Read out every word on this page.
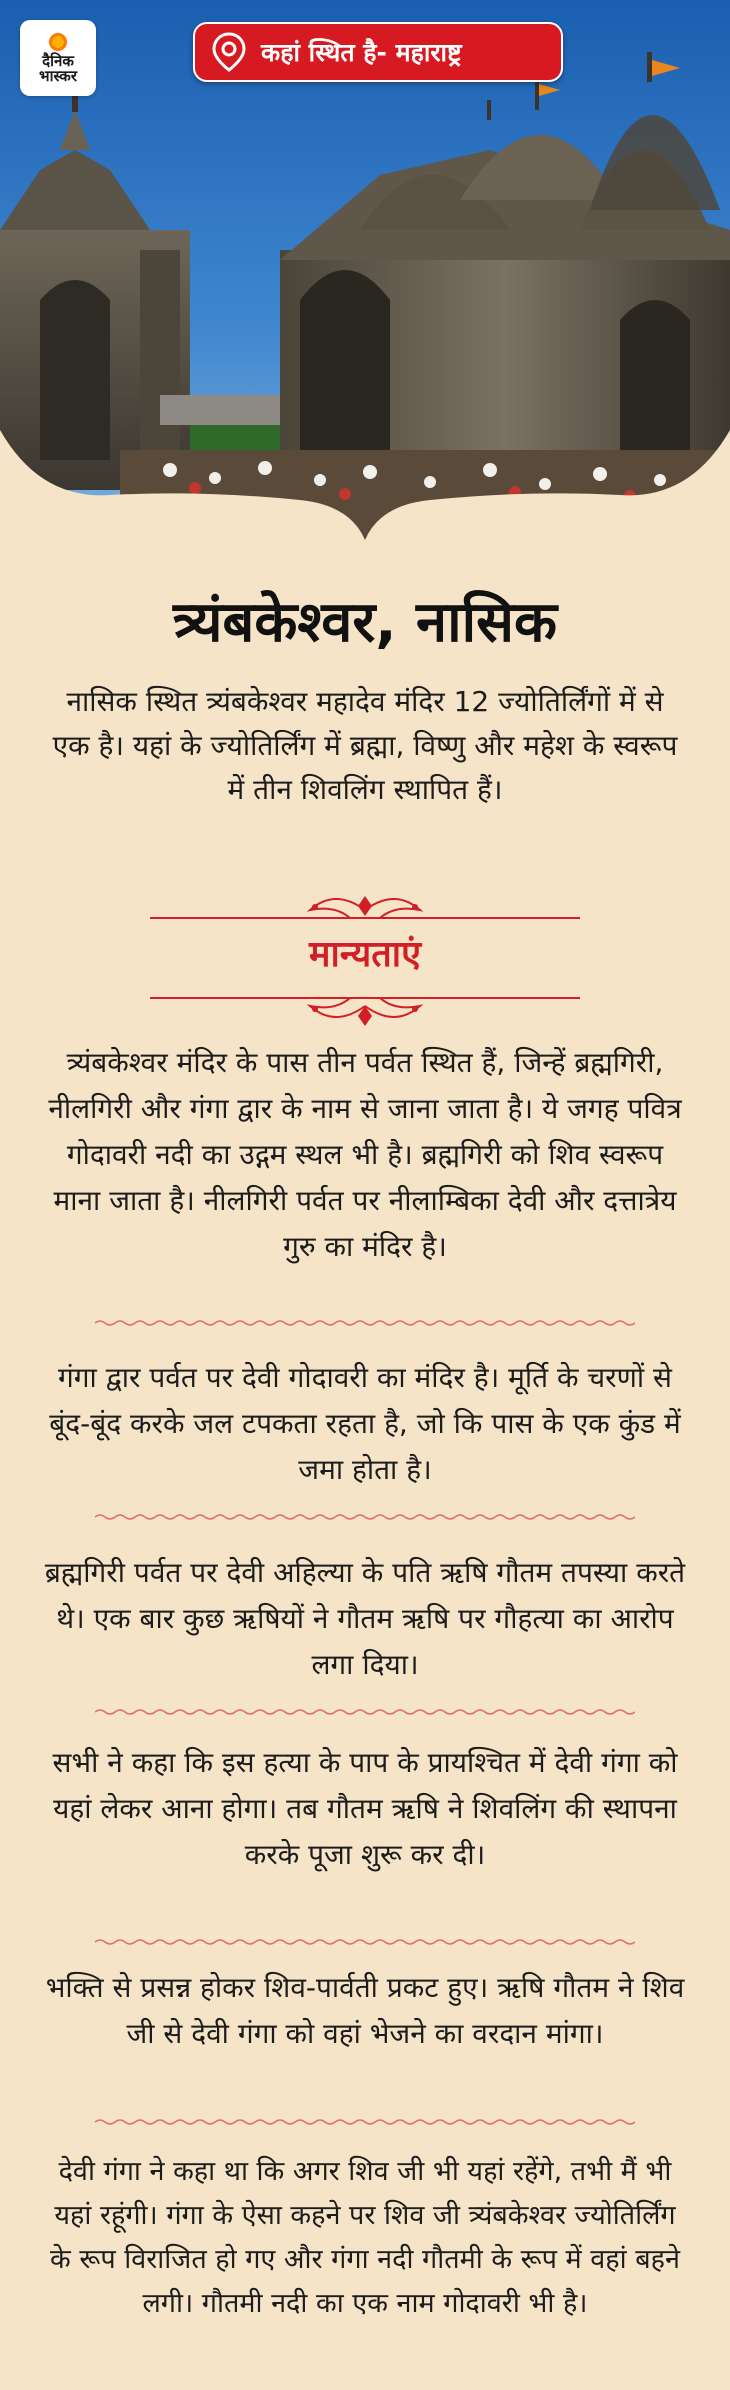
दैनिक
भास्कर
कहां स्थित है- महाराष्ट्र
त्र्यंबकेश्वर, नासिक

नासिक स्थित त्र्यंबकेश्वर महादेव मंदिर 12 ज्योतिर्लिंगों में से एक है। यहां के ज्योतिर्लिंग में ब्रह्मा, विष्णु और महेश के स्वरूप में तीन शिवलिंग स्थापित हैं।

मान्यताएं

त्र्यंबकेश्वर मंदिर के पास तीन पर्वत स्थित हैं, जिन्हें ब्रह्मगिरी, नीलगिरी और गंगा द्वार के नाम से जाना जाता है। ये जगह पवित्र गोदावरी नदी का उद्गम स्थल भी है। ब्रह्मगिरी को शिव स्वरूप माना जाता है। नीलगिरी पर्वत पर नीलाम्बिका देवी और दत्तात्रेय गुरु का मंदिर है।

गंगा द्वार पर्वत पर देवी गोदावरी का मंदिर है। मूर्ति के चरणों से बूंद-बूंद करके जल टपकता रहता है, जो कि पास के एक कुंड में जमा होता है।

ब्रह्मगिरी पर्वत पर देवी अहिल्या के पति ऋषि गौतम तपस्या करते थे। एक बार कुछ ऋषियों ने गौतम ऋषि पर गौहत्या का आरोप लगा दिया।

सभी ने कहा कि इस हत्या के पाप के प्रायश्चित में देवी गंगा को यहां लेकर आना होगा। तब गौतम ऋषि ने शिवलिंग की स्थापना करके पूजा शुरू कर दी।

भक्ति से प्रसन्न होकर शिव-पार्वती प्रकट हुए। ऋषि गौतम ने शिव जी से देवी गंगा को वहां भेजने का वरदान मांगा।

देवी गंगा ने कहा था कि अगर शिव जी भी यहां रहेंगे, तभी मैं भी यहां रहूंगी। गंगा के ऐसा कहने पर शिव जी त्र्यंबकेश्वर ज्योतिर्लिंग के रूप विराजित हो गए और गंगा नदी गौतमी के रूप में वहां बहने लगी। गौतमी नदी का एक नाम गोदावरी भी है।
